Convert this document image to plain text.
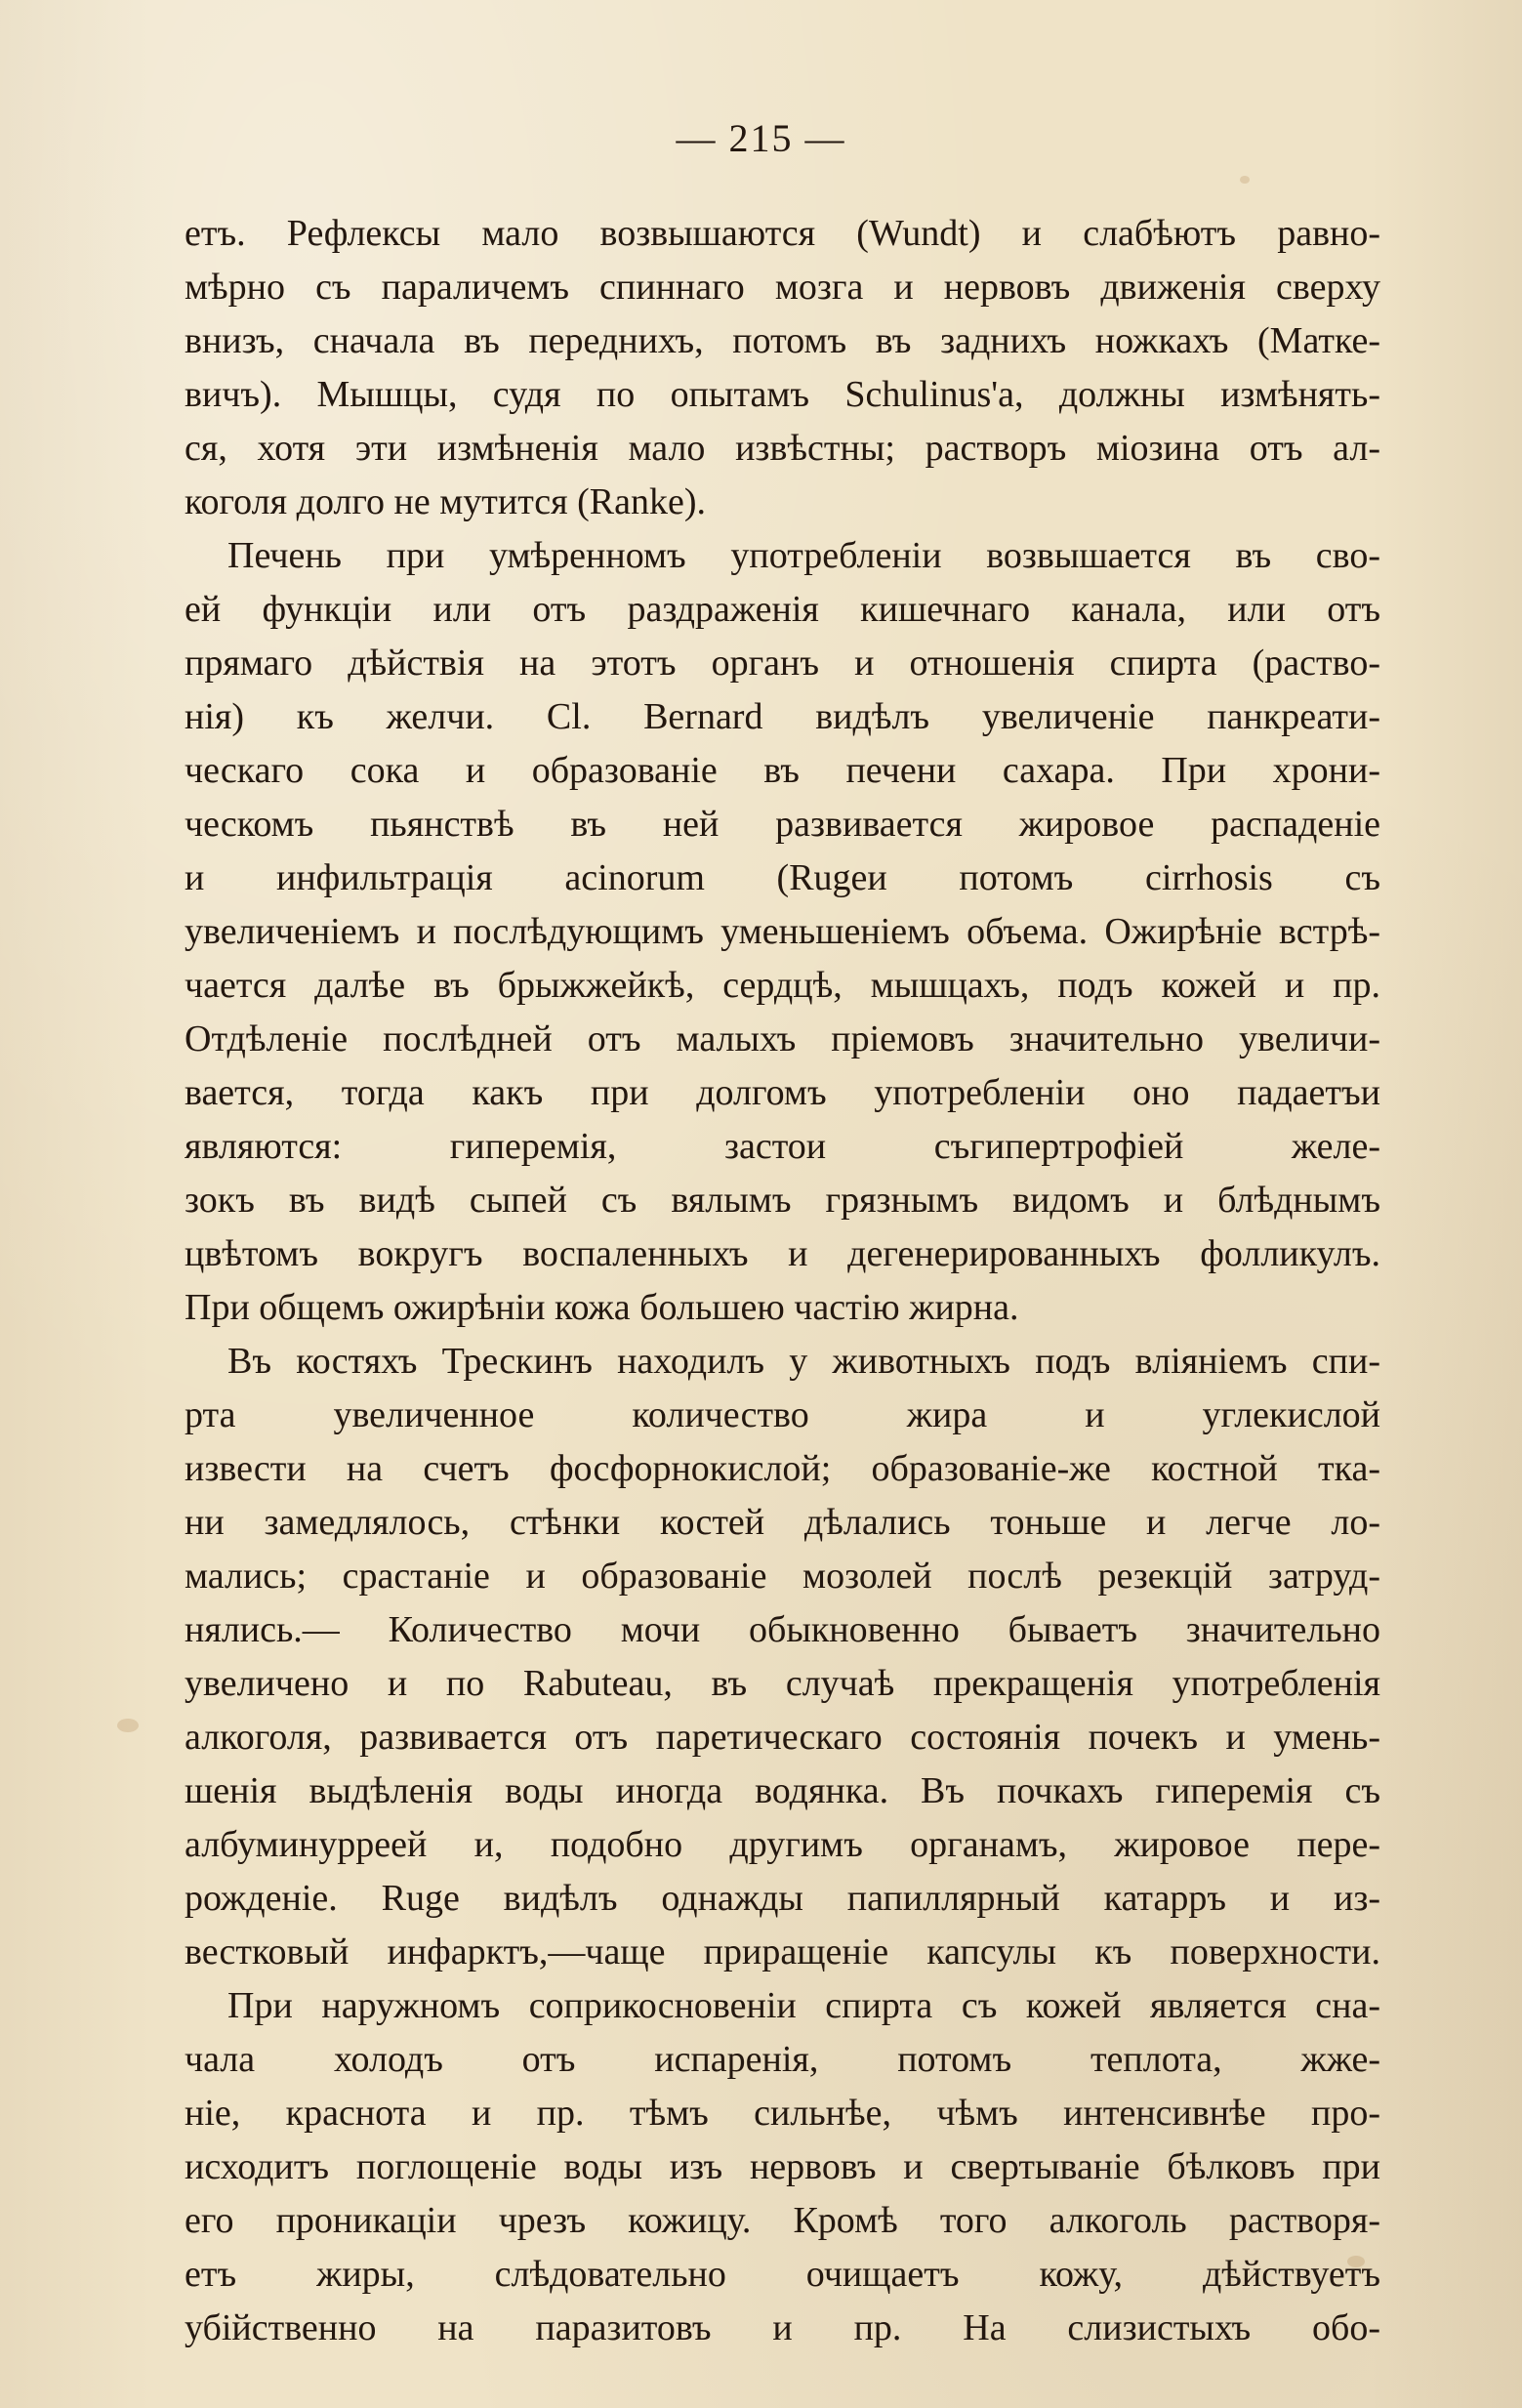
— 215 —
етъ. Рефлексы мало возвышаются (Wundt) и слабѣютъ равно-
мѣрно съ параличемъ спиннаго мозга и нервовъ движенія сверху
внизъ, сначала въ переднихъ, потомъ въ заднихъ ножкахъ (Матке-
вичъ). Мышцы, судя по опытамъ Schulinus'а, должны измѣнять-
ся, хотя эти измѣненія мало извѣстны; растворъ міозина отъ ал-
коголя долго не мутится (Ranke).
Печень при умѣренномъ употребленіи возвышается въ сво-
ей функціи или отъ раздраженія кишечнаго канала, или отъ
прямаго дѣйствія на этотъ органъ и отношенія спирта (раство-
нія) къ желчи. Cl. Bernard видѣлъ увеличеніе панкреати-
ческаго сока и образованіе въ печени сахара. При хрони-
ческомъ пьянствѣ въ ней развивается жировое распаденіе
и инфильтрація acinorum (Rugeи потомъ cirrhosis съ
увеличеніемъ и послѣдующимъ уменьшеніемъ объема. Ожирѣніе встрѣ-
чается далѣе въ брыжжейкѣ, сердцѣ, мышцахъ, подъ кожей и пр.
Отдѣленіе послѣдней отъ малыхъ пріемовъ значительно увеличи-
вается, тогда какъ при долгомъ употребленіи оно падаетъи
являются: гиперемія, застои съгипертрофіей желе-
зокъ въ видѣ сыпей съ вялымъ грязнымъ видомъ и блѣднымъ
цвѣтомъ вокругъ воспаленныхъ и дегенерированныхъ фолликулъ.
При общемъ ожирѣніи кожа большею частію жирна.
Въ костяхъ Трескинъ находилъ у животныхъ подъ вліяніемъ спи-
рта увеличенное количество жира и углекислой
извести на счетъ фосфорнокислой; образованіе-же костной тка-
ни замедлялось, стѣнки костей дѣлались тоньше и легче ло-
мались; срастаніе и образованіе мозолей послѣ резекцій затруд-
нялись.— Количество мочи обыкновенно бываетъ значительно
увеличено и по Rabuteau, въ случаѣ прекращенія употребленія
алкоголя, развивается отъ паретическаго состоянія почекъ и умень-
шенія выдѣленія воды иногда водянка. Въ почкахъ гиперемія съ
албуминурреей и, подобно другимъ органамъ, жировое пере-
рожденіе. Ruge видѣлъ однажды папиллярный катарръ и из-
вестковый инфарктъ,—чаще приращеніе капсулы къ поверхности.
При наружномъ соприкосновеніи спирта съ кожей является сна-
чала холодъ отъ испаренія, потомъ теплота, жже-
ніе, краснота и пр. тѣмъ сильнѣе, чѣмъ интенсивнѣе про-
исходитъ поглощеніе воды изъ нервовъ и свертываніе бѣлковъ при
его проникаціи чрезъ кожицу. Кромѣ того алкоголь растворя-
етъ жиры, слѣдовательно очищаетъ кожу, дѣйствуетъ
убійственно на паразитовъ и пр. На слизистыхъ обо-
